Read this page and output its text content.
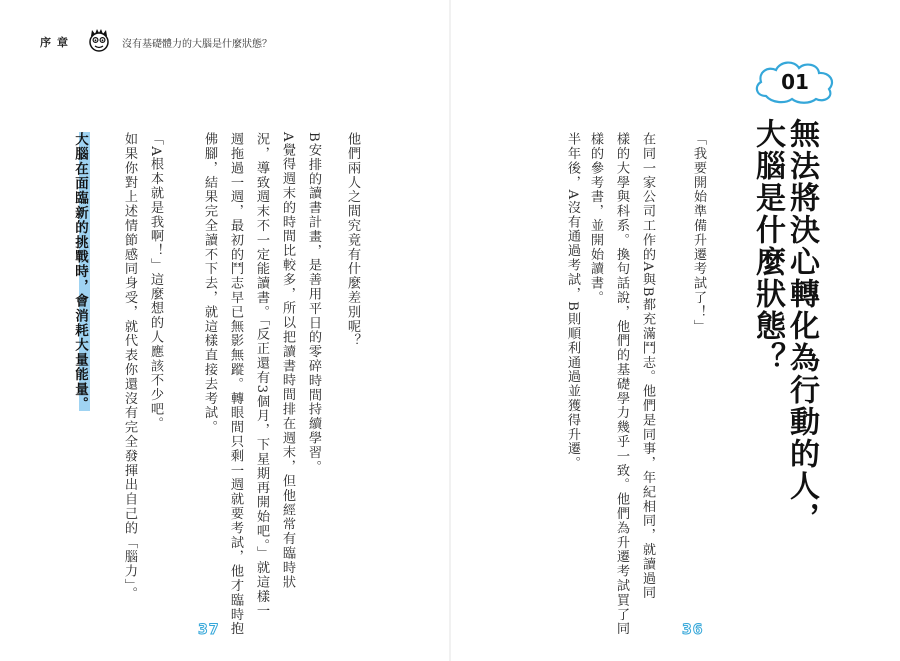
序章	沒有基礎體力的大腦是什麼狀態？
01
無法將決心轉化為行動的人，
大腦是什麼狀態？
「我要開始準備升遷考試了！」
在同一家公司工作的A與B都充滿鬥志。他們是同事，年紀相同，就讀過同
樣的大學與科系。換句話說，他們的基礎學力幾乎一致。他們為升遷考試買了同
樣的參考書，並開始讀書。
半年後，A沒有通過考試，B則順利通過並獲得升遷。
他們兩人之間究竟有什麼差別呢？
B安排的讀書計畫，是善用平日的零碎時間持續學習。
A覺得週末的時間比較多，所以把讀書時間排在週末，但他經常有臨時狀
況，導致週末不一定能讀書。「反正還有3個月，下星期再開始吧。」就這樣一
週拖過一週，最初的鬥志早已無影無蹤。轉眼間只剩一週就要考試，他才臨時抱
佛腳，結果完全讀不下去，就這樣直接去考試。
「A根本就是我啊！」這麼想的人應該不少吧。
如果你對上述情節感同身受，就代表你還沒有完全發揮出自己的「腦力」。
大腦在面臨新的挑戰時，會消耗大量能量。
37	36
